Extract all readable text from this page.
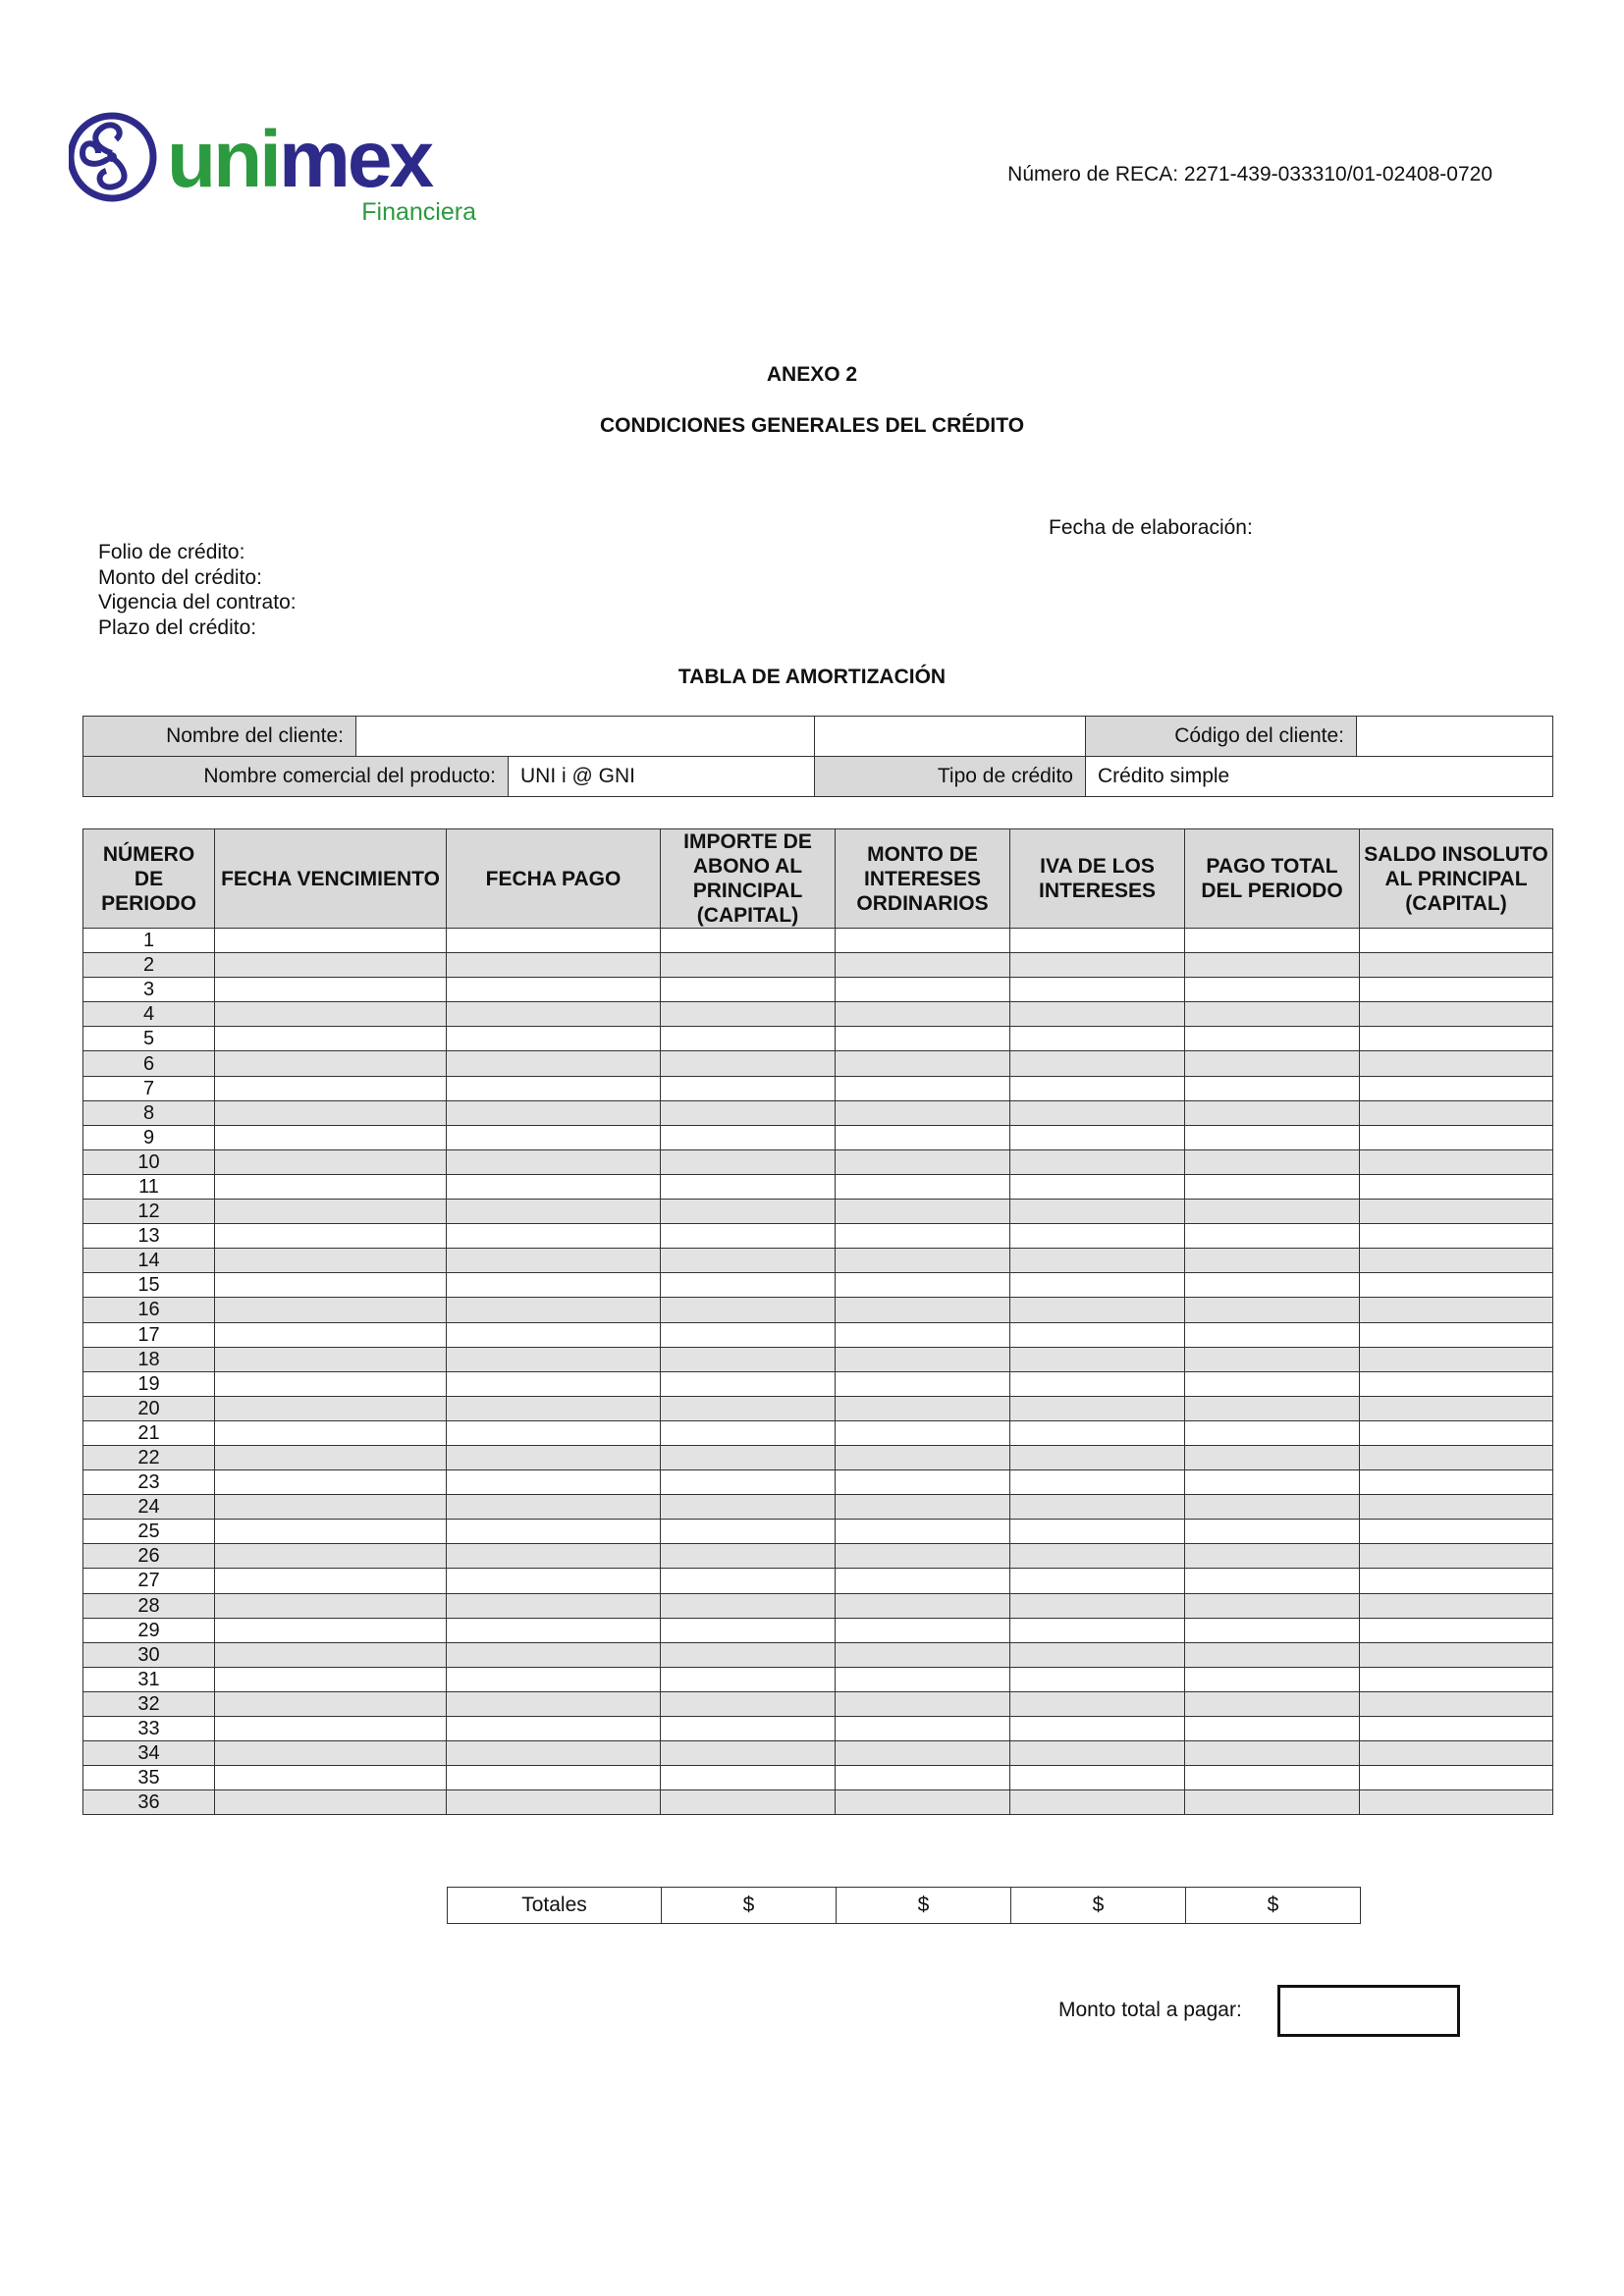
unimex
Financiera
Número de RECA: 2271-439-033310/01-02408-0720
ANEXO 2
CONDICIONES GENERALES DEL CRÉDITO
Fecha de elaboración:
Folio de crédito:
Monto del crédito:
Vigencia del contrato:
Plazo del crédito:
TABLA DE AMORTIZACIÓN
Nombre del cliente:				Código del cliente:	
Nombre comercial del producto:		UNI i @ GNI	Tipo de crédito	Crédito simple	
NÚMERO DE PERIODO	FECHA VENCIMIENTO	FECHA PAGO	IMPORTE DE ABONO AL PRINCIPAL (CAPITAL)	MONTO DE INTERESES ORDINARIOS	IVA DE LOS INTERESES	PAGO TOTAL DEL PERIODO	SALDO INSOLUTO AL PRINCIPAL (CAPITAL)
1							
2							
3							
4							
5							
6							
7							
8							
9							
10							
11							
12							
13							
14							
15							
16							
17							
18							
19							
20							
21							
22							
23							
24							
25							
26							
27							
28							
29							
30							
31							
32							
33							
34							
35							
36							
Totales	$	$	$	$
Monto total a pagar:
